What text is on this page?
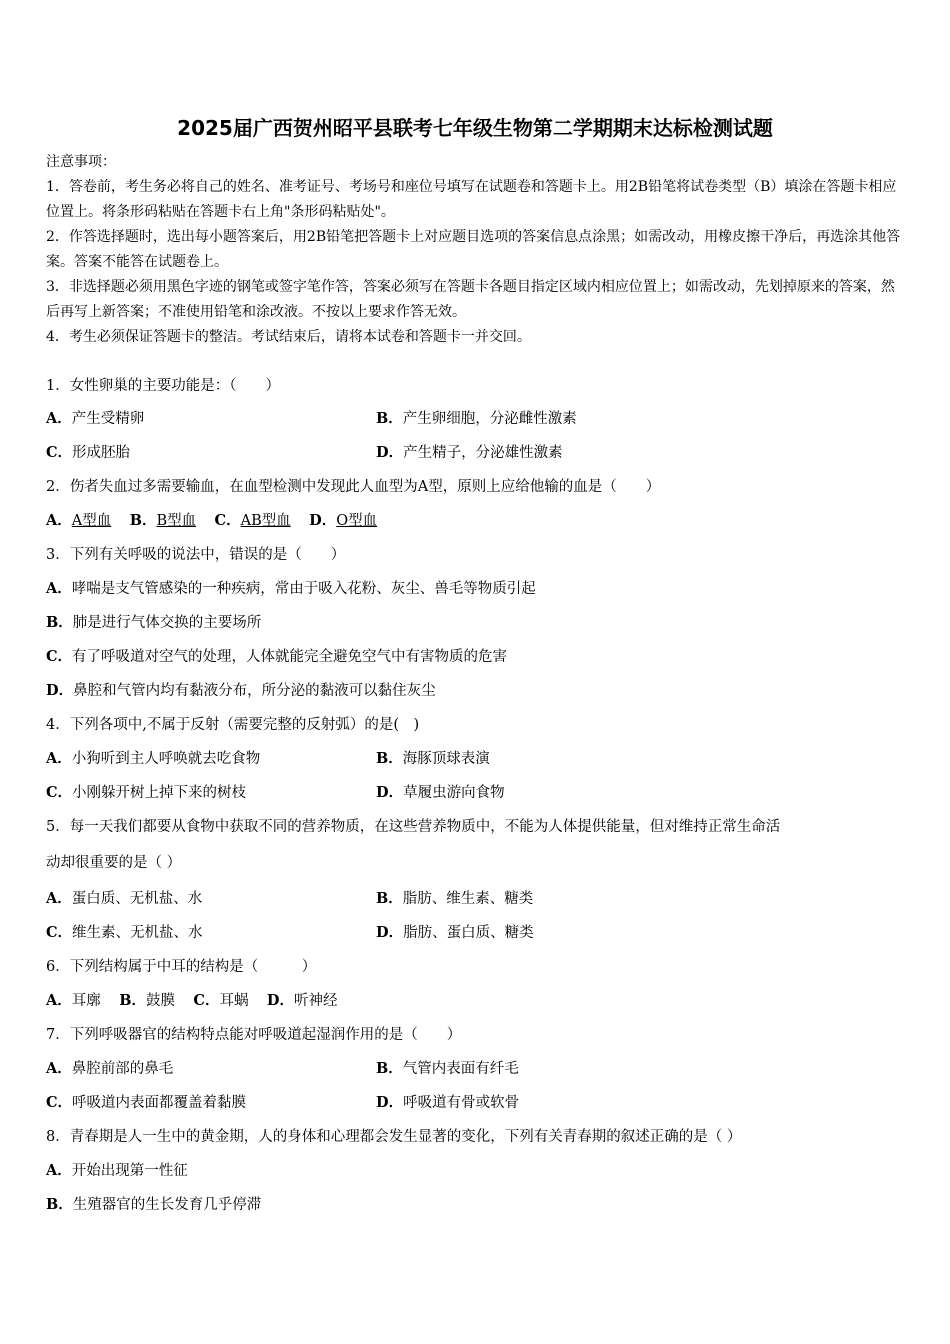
2025届广西贺州昭平县联考七年级生物第二学期期末达标检测试题
注意事项：
1．答卷前，考生务必将自己的姓名、准考证号、考场号和座位号填写在试题卷和答题卡上。用2B铅笔将试卷类型（B）填涂在答题卡相应位置上。将条形码粘贴在答题卡右上角"条形码粘贴处"。
2．作答选择题时，选出每小题答案后，用2B铅笔把答题卡上对应题目选项的答案信息点涂黑；如需改动，用橡皮擦干净后，再选涂其他答案。答案不能答在试题卷上。
3．非选择题必须用黑色字迹的钢笔或签字笔作答，答案必须写在答题卡各题目指定区域内相应位置上；如需改动，先划掉原来的答案，然后再写上新答案；不准使用铅笔和涂改液。不按以上要求作答无效。
4．考生必须保证答题卡的整洁。考试结束后，请将本试卷和答题卡一并交回。
1．女性卵巢的主要功能是：（　　）
A．产生受精卵	B．产生卵细胞，分泌雌性激素
C．形成胚胎	D．产生精子，分泌雄性激素
2．伤者失血过多需要输血，在血型检测中发现此人血型为A型，原则上应给他输的血是（　　）
A．A型血 B．B型血 C．AB型血 D．O型血
3．下列有关呼吸的说法中，错误的是（　　）
A．哮喘是支气管感染的一种疾病，常由于吸入花粉、灰尘、兽毛等物质引起
B．肺是进行气体交换的主要场所
C．有了呼吸道对空气的处理，人体就能完全避免空气中有害物质的危害
D．鼻腔和气管内均有黏液分布，所分泌的黏液可以黏住灰尘
4．下列各项中,不属于反射（需要完整的反射弧）的是(　)
A．小狗听到主人呼唤就去吃食物	B．海豚顶球表演
C．小刚躲开树上掉下来的树枝	D．草履虫游向食物
5．每一天我们都要从食物中获取不同的营养物质，在这些营养物质中，不能为人体提供能量，但对维持正常生命活
动却很重要的是（ ）
A．蛋白质、无机盐、水	B．脂肪、维生素、糖类
C．维生素、无机盐、水	D．脂肪、蛋白质、糖类
6．下列结构属于中耳的结构是（　　　）
A．耳廓 B．鼓膜 C．耳蜗 D．听神经
7．下列呼吸器官的结构特点能对呼吸道起湿润作用的是（　　）
A．鼻腔前部的鼻毛	B．气管内表面有纤毛
C．呼吸道内表面都覆盖着黏膜	D．呼吸道有骨或软骨
8．青春期是人一生中的黄金期，人的身体和心理都会发生显著的变化，下列有关青春期的叙述正确的是（ ）
A．开始出现第一性征
B．生殖器官的生长发育几乎停滞
